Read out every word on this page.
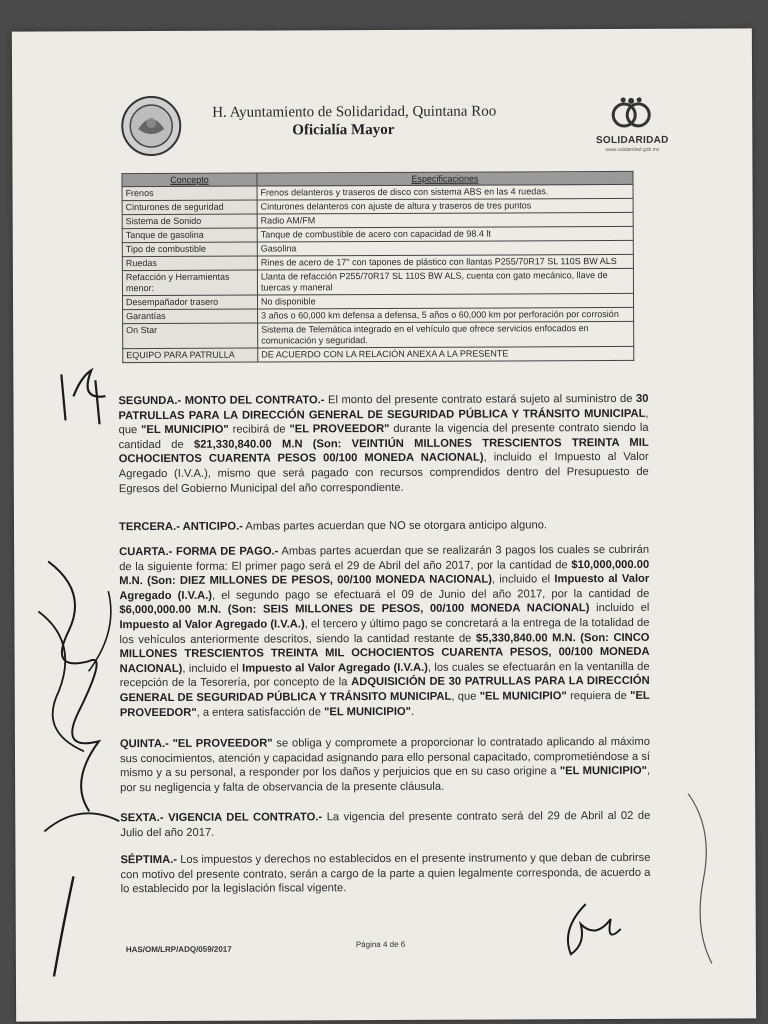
H. Ayuntamiento de Solidaridad, Quintana Roo
Oficialía Mayor
SOLIDARIDAD
www.solidaridad.gob.mx
Concepto	Especificaciones
Frenos	Frenos delanteros y traseros de disco con sistema ABS en las 4 ruedas.
Cinturones de seguridad	Cinturones delanteros con ajuste de altura y traseros de tres puntos
Sistema de Sonido	Radio AM/FM
Tanque de gasolina	Tanque de combustible de acero con capacidad de 98.4 lt
Tipo de combustible	Gasolina
Ruedas	Rines de acero de 17" con tapones de plástico con llantas P255/70R17 SL 110S BW ALS
Refacción y Herramientas menor:	Llanta de refacción P255/70R17 SL 110S BW ALS, cuenta con gato mecánico, llave de tuercas y maneral
Desempañador trasero	No disponible
Garantías	3 años o 60,000 km defensa a defensa, 5 años o 60,000 km por perforación por corrosión
On Star	Sistema de Telemática integrado en el vehículo que ofrece servicios enfocados en comunicación y seguridad.
EQUIPO PARA PATRULLA	DE ACUERDO CON LA RELACIÓN ANEXA A LA PRESENTE
SEGUNDA.- MONTO DEL CONTRATO.- El monto del presente contrato estará sujeto al suministro de 30 PATRULLAS PARA LA DIRECCIÓN GENERAL DE SEGURIDAD PÚBLICA Y TRÁNSITO MUNICIPAL, que "EL MUNICIPIO" recibirá de "EL PROVEEDOR" durante la vigencia del presente contrato siendo la cantidad de $21,330,840.00 M.N (Son: VEINTIÚN MILLONES TRESCIENTOS TREINTA MIL OCHOCIENTOS CUARENTA PESOS 00/100 MONEDA NACIONAL), incluido el Impuesto al Valor Agregado (I.V.A.), mismo que será pagado con recursos comprendidos dentro del Presupuesto de Egresos del Gobierno Municipal del año correspondiente.
TERCERA.- ANTICIPO.- Ambas partes acuerdan que NO se otorgara anticipo alguno.
CUARTA.- FORMA DE PAGO.- Ambas partes acuerdan que se realizarán 3 pagos los cuales se cubrirán de la siguiente forma: El primer pago será el 29 de Abril del año 2017, por la cantidad de $10,000,000.00 M.N. (Son: DIEZ MILLONES DE PESOS, 00/100 MONEDA NACIONAL), incluido el Impuesto al Valor Agregado (I.V.A.), el segundo pago se efectuará el 09 de Junio del año 2017, por la cantidad de $6,000,000.00 M.N. (Son: SEIS MILLONES DE PESOS, 00/100 MONEDA NACIONAL) incluido el Impuesto al Valor Agregado (I.V.A.), el tercero y último pago se concretará a la entrega de la totalidad de los vehículos anteriormente descritos, siendo la cantidad restante de $5,330,840.00 M.N. (Son: CINCO MILLONES TRESCIENTOS TREINTA MIL OCHOCIENTOS CUARENTA PESOS, 00/100 MONEDA NACIONAL), incluido el Impuesto al Valor Agregado (I.V.A.), los cuales se efectuarán en la ventanilla de recepción de la Tesorería, por concepto de la ADQUISICIÓN DE 30 PATRULLAS PARA LA DIRECCIÓN GENERAL DE SEGURIDAD PÚBLICA Y TRÁNSITO MUNICIPAL, que "EL MUNICIPIO" requiera de "EL PROVEEDOR", a entera satisfacción de "EL MUNICIPIO".
QUINTA.- "EL PROVEEDOR" se obliga y compromete a proporcionar lo contratado aplicando al máximo sus conocimientos, atención y capacidad asignando para ello personal capacitado, comprometiéndose a sí mismo y a su personal, a responder por los daños y perjuicios que en su caso origine a "EL MUNICIPIO", por su negligencia y falta de observancia de la presente cláusula.
SEXTA.- VIGENCIA DEL CONTRATO.- La vigencia del presente contrato será del 29 de Abril al 02 de Julio del año 2017.
SÉPTIMA.- Los impuestos y derechos no establecidos en el presente instrumento y que deban de cubrirse con motivo del presente contrato, serán a cargo de la parte a quien legalmente corresponda, de acuerdo a lo establecido por la legislación fiscal vigente.
HAS/OM/LRP/ADQ/059/2017
Página 4 de 6
